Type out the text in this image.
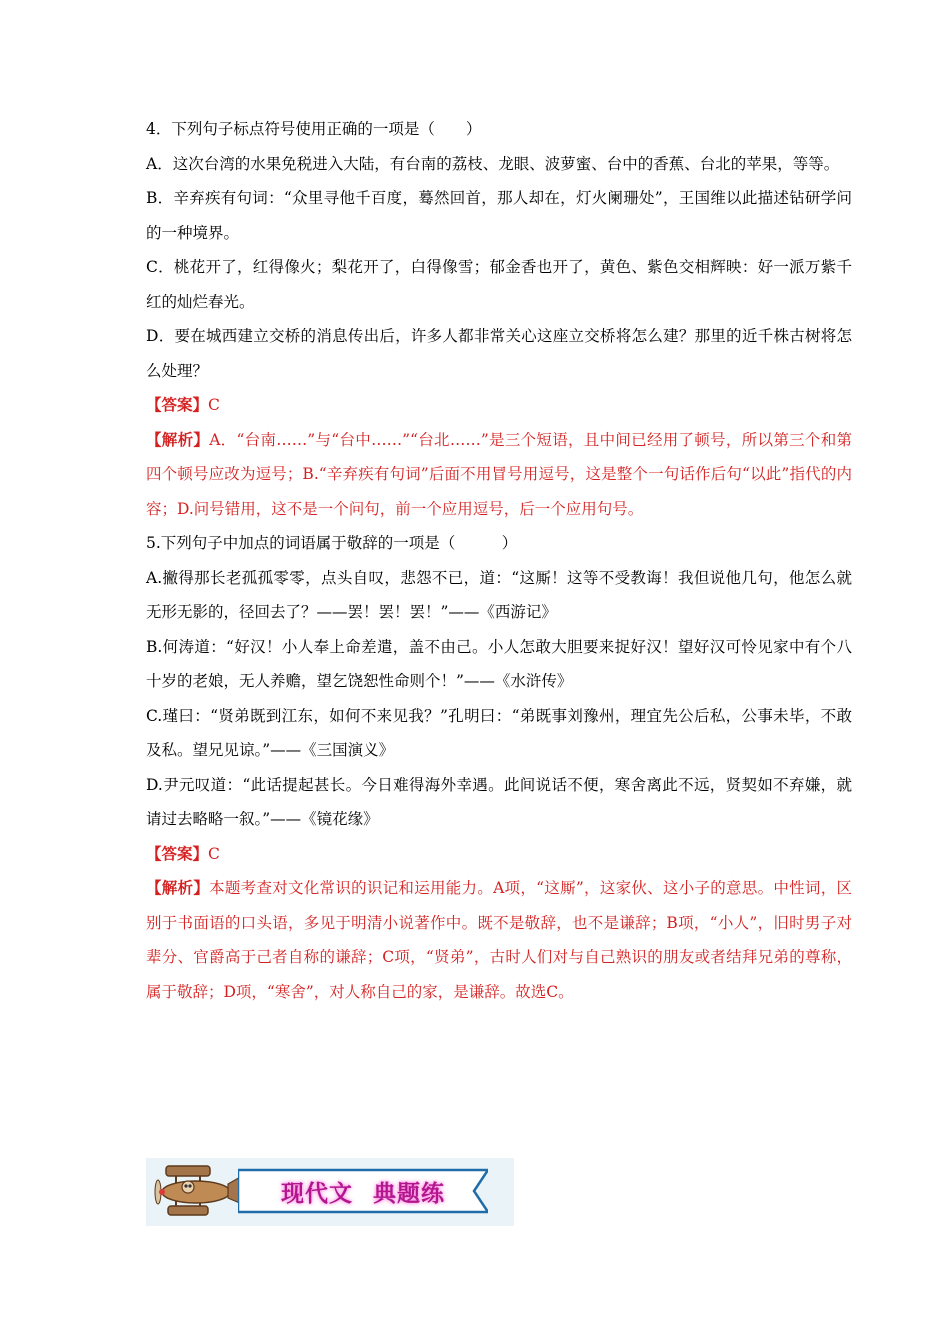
4．下列句子标点符号使用正确的一项是（　　）

A．这次台湾的水果免税进入大陆，有台南的荔枝、龙眼、波萝蜜、台中的香蕉、台北的苹果，等等。

B．辛弃疾有句词：“众里寻他千百度，蓦然回首，那人却在，灯火阑珊处”，王国维以此描述钻研学问的一种境界。

C．桃花开了，红得像火；梨花开了，白得像雪；郁金香也开了，黄色、紫色交相辉映：好一派万紫千红的灿烂春光。

D．要在城西建立交桥的消息传出后，许多人都非常关心这座立交桥将怎么建？那里的近千株古树将怎么处理？

【答案】C

【解析】A．“台南……”与“台中……”“台北……”是三个短语，且中间已经用了顿号，所以第三个和第四个顿号应改为逗号；B.“辛弃疾有句词”后面不用冒号用逗号，这是整个一句话作后句“以此”指代的内容；D.问号错用，这不是一个问句，前一个应用逗号，后一个应用句号。

5.下列句子中加点的词语属于敬辞的一项是（　　　）

A.撇得那长老孤孤零零，点头自叹，悲怨不已，道：“这厮！这等不受教诲！我但说他几句，他怎么就无形无影的，径回去了？——罢！罢！罢！”——《西游记》

B.何涛道：“好汉！小人奉上命差遣，盖不由己。小人怎敢大胆要来捉好汉！望好汉可怜见家中有个八十岁的老娘，无人养赡，望乞饶恕性命则个！”——《水浒传》

C.瑾曰：“贤弟既到江东，如何不来见我？”孔明曰：“弟既事刘豫州，理宜先公后私，公事未毕，不敢及私。望兄见谅。”——《三国演义》

D.尹元叹道：“此话提起甚长。今日难得海外幸遇。此间说话不便，寒舍离此不远，贤契如不弃嫌，就请过去略略一叙。”——《镜花缘》

【答案】C

【解析】本题考查对文化常识的识记和运用能力。A项，“这厮”，这家伙、这小子的意思。中性词，区别于书面语的口头语，多见于明清小说著作中。既不是敬辞，也不是谦辞；B项，“小人”，旧时男子对辈分、官爵高于己者自称的谦辞；C项，“贤弟”，古时人们对与自己熟识的朋友或者结拜兄弟的尊称，属于敬辞；D项，“寒舍”，对人称自己的家，是谦辞。故选C。

现代文 典题练
